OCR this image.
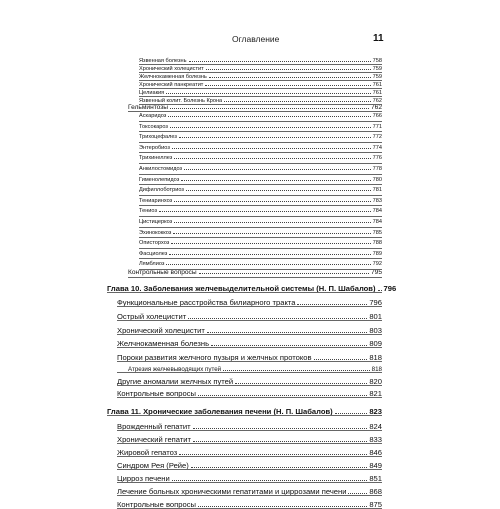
Оглавление	11
Язвенная болезнь	758
Хронический холецистит	759
Желчнокаменная болезнь	759
Хронический панкреатит	761
Целиакия	761
Язвенный колит. Болезнь Крона	762
Гельминтозы	762
Аскаридоз	766
Токсокароз	771
Трихоцефалез	772
Энтеробиоз	774
Трихинеллез	776
Анкилостомидоз	778
Гименолепидоз	780
Дифиллоботриоз	781
Тениаринхоз	783
Тениоз	784
Цистицеркоз	784
Эхинококкоз	785
Описторхоз	788
Фасциолез	789
Лямблиоз	792
Контрольные вопросы	795
Глава 10. Заболевания желчевыделительной системы (Н. П. Шабалов) 796
Функциональные расстройства билиарного тракта	796
Острый холецистит	801
Хронический холецистит	803
Желчнокаменная болезнь	809
Пороки развития желчного пузыря и желчных протоков	818
Атрезия желчевыводящих путей	818
Другие аномалии желчных путей	820
Контрольные вопросы	821
Глава 11. Хронические заболевания печени (Н. П. Шабалов)	823
Врожденный гепатит	824
Хронический гепатит	833
Жировой гепатоз	846
Синдром Рея (Рейе)	849
Цирроз печени	851
Лечение больных хроническими гепатитами и циррозами печени	868
Контрольные вопросы	875
